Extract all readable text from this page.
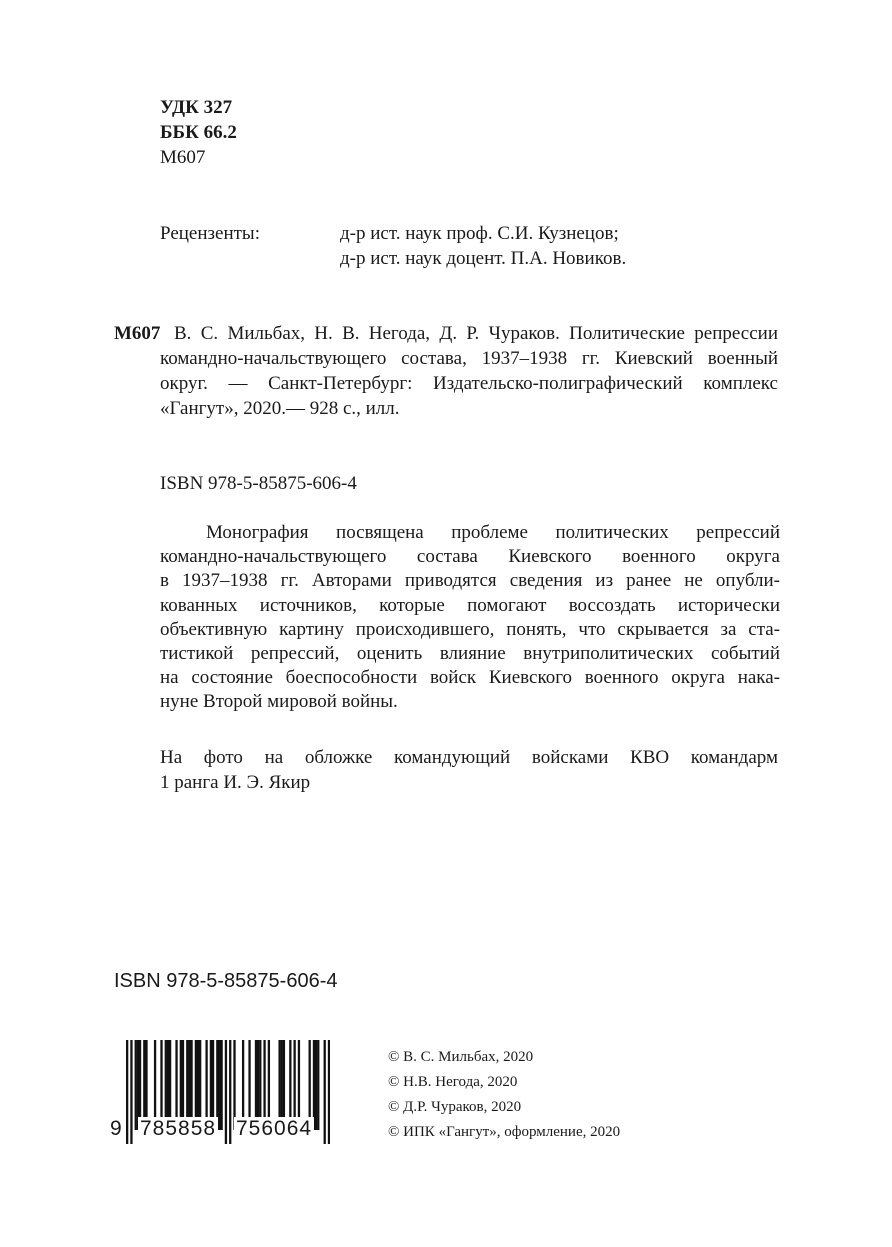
УДК 327
ББК 66.2
М607
Рецензенты:	д-р ист. наук проф. С.И. Кузнецов;
д-р ист. наук доцент. П.А. Новиков.
М607 В. С. Мильбах, Н. В. Негода, Д. Р. Чураков. Политические репрессии
командно-начальствующего состава, 1937–1938 гг. Киевский военный
округ. — Санкт-Петербург: Издательско-полиграфический комплекс
«Гангут», 2020.— 928 с., илл.
ISBN 978-5-85875-606-4
Монография посвящена проблеме политических репрессий
командно-начальствующего состава Киевского военного округа
в 1937–1938 гг. Авторами приводятся сведения из ранее не опубли-
кованных источников, которые помогают воссоздать исторически
объективную картину происходившего, понять, что скрывается за ста-
тистикой репрессий, оценить влияние внутриполитических событий
на состояние боеспособности войск Киевского военного округа нака-
нуне Второй мировой войны.
На фото на обложке командующий войсками КВО командарм
1 ранга И. Э. Якир
ISBN 978-5-85875-606-4
9 785858 756064
© В. С. Мильбах, 2020
© Н.В. Негода, 2020
© Д.Р. Чураков, 2020
© ИПК «Гангут», оформление, 2020
